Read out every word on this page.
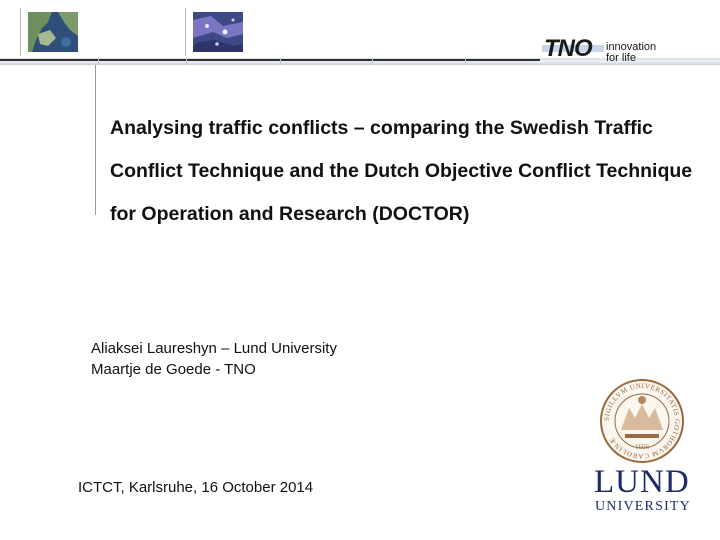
TNO innovation
for life
Analysing traffic conflicts – comparing the Swedish Traffic Conflict Technique and the Dutch Objective Conflict Technique for Operation and Research (DOCTOR)
Aliaksei Laureshyn – Lund University
Maartje de Goede - TNO
ICTCT, Karlsruhe, 16 October 2014
SIGILLVM UNIVERSITATIS GOTHORVM CAROLINÆ
1666
LUND
UNIVERSITY
